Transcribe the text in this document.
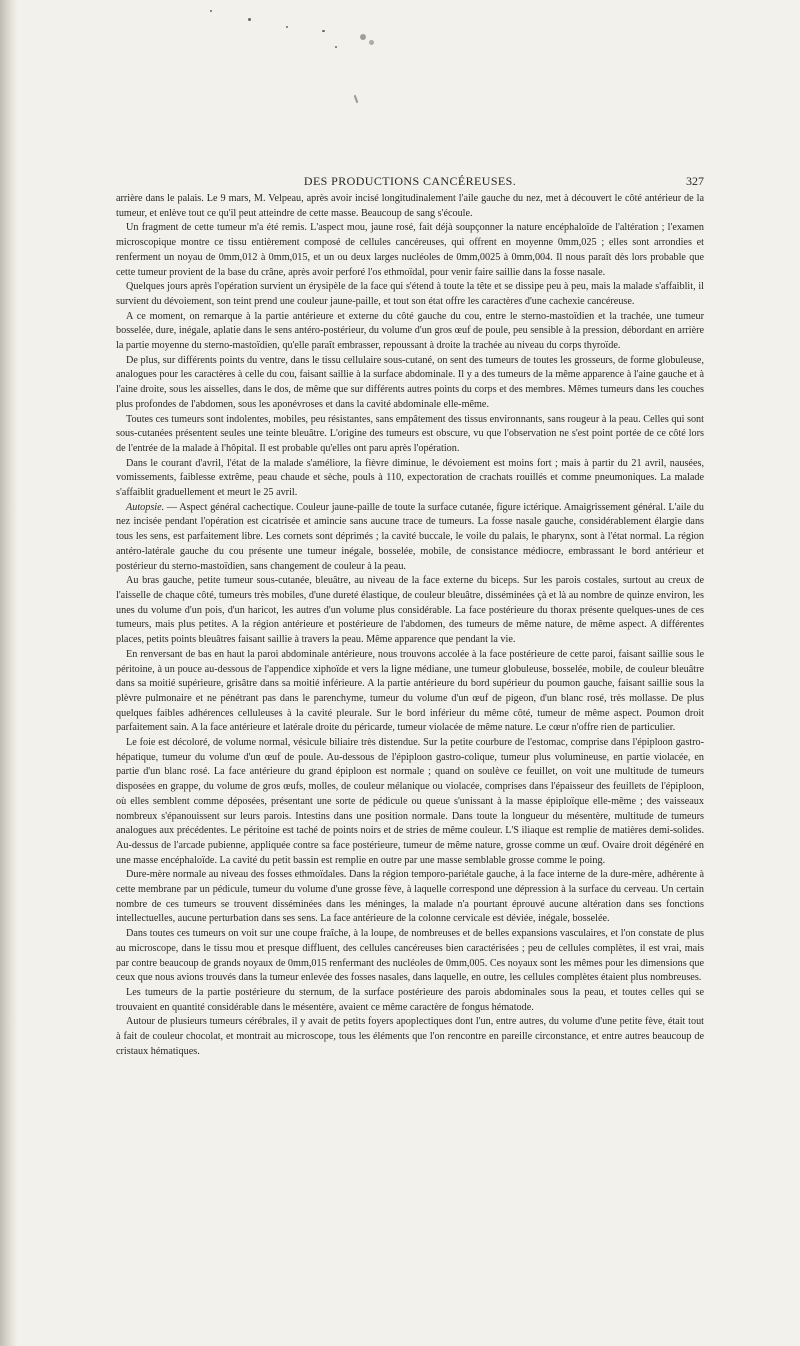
DES PRODUCTIONS CANCÉREUSES.	327

arrière dans le palais. Le 9 mars, M. Velpeau, après avoir incisé longitudinalement l'aile gauche du nez, met à découvert le côté antérieur de la tumeur, et enlève tout ce qu'il peut atteindre de cette masse. Beaucoup de sang s'écoule.

Un fragment de cette tumeur m'a été remis. L'aspect mou, jaune rosé, fait déjà soupçonner la nature encéphaloïde de l'altération ; l'examen microscopique montre ce tissu entièrement composé de cellules cancéreuses, qui offrent en moyenne 0mm,025 ; elles sont arrondies et renferment un noyau de 0mm,012 à 0mm,015, et un ou deux larges nucléoles de 0mm,0025 à 0mm,004. Il nous paraît dès lors probable que cette tumeur provient de la base du crâne, après avoir perforé l'os ethmoïdal, pour venir faire saillie dans la fosse nasale.

Quelques jours après l'opération survient un érysipèle de la face qui s'étend à toute la tête et se dissipe peu à peu, mais la malade s'affaiblit, il survient du dévoiement, son teint prend une couleur jaune-paille, et tout son état offre les caractères d'une cachexie cancéreuse.

A ce moment, on remarque à la partie antérieure et externe du côté gauche du cou, entre le sterno-mastoïdien et la trachée, une tumeur bosselée, dure, inégale, aplatie dans le sens antéro-postérieur, du volume d'un gros œuf de poule, peu sensible à la pression, débordant en arrière la partie moyenne du sterno-mastoïdien, qu'elle paraît embrasser, repoussant à droite la trachée au niveau du corps thyroïde.

De plus, sur différents points du ventre, dans le tissu cellulaire sous-cutané, on sent des tumeurs de toutes les grosseurs, de forme globuleuse, analogues pour les caractères à celle du cou, faisant saillie à la surface abdominale. Il y a des tumeurs de la même apparence à l'aine gauche et à l'aine droite, sous les aisselles, dans le dos, de même que sur différents autres points du corps et des membres. Mêmes tumeurs dans les couches plus profondes de l'abdomen, sous les aponévroses et dans la cavité abdominale elle-même.

Toutes ces tumeurs sont indolentes, mobiles, peu résistantes, sans empâtement des tissus environnants, sans rougeur à la peau. Celles qui sont sous-cutanées présentent seules une teinte bleuâtre. L'origine des tumeurs est obscure, vu que l'observation ne s'est point portée de ce côté lors de l'entrée de la malade à l'hôpital. Il est probable qu'elles ont paru après l'opération.

Dans le courant d'avril, l'état de la malade s'améliore, la fièvre diminue, le dévoiement est moins fort ; mais à partir du 21 avril, nausées, vomissements, faiblesse extrême, peau chaude et sèche, pouls à 110, expectoration de crachats rouillés et comme pneumoniques. La malade s'affaiblit graduellement et meurt le 25 avril.

Autopsie. — Aspect général cachectique. Couleur jaune-paille de toute la surface cutanée, figure ictérique. Amaigrissement général. L'aile du nez incisée pendant l'opération est cicatrisée et amincie sans aucune trace de tumeurs. La fosse nasale gauche, considérablement élargie dans tous les sens, est parfaitement libre. Les cornets sont déprimés ; la cavité buccale, le voile du palais, le pharynx, sont à l'état normal. La région antéro-latérale gauche du cou présente une tumeur inégale, bosselée, mobile, de consistance médiocre, embrassant le bord antérieur et postérieur du sterno-mastoïdien, sans changement de couleur à la peau.

Au bras gauche, petite tumeur sous-cutanée, bleuâtre, au niveau de la face externe du biceps. Sur les parois costales, surtout au creux de l'aisselle de chaque côté, tumeurs très mobiles, d'une dureté élastique, de couleur bleuâtre, disséminées çà et là au nombre de quinze environ, les unes du volume d'un pois, d'un haricot, les autres d'un volume plus considérable. La face postérieure du thorax présente quelques-unes de ces tumeurs, mais plus petites. A la région antérieure et postérieure de l'abdomen, des tumeurs de même nature, de même aspect. A différentes places, petits points bleuâtres faisant saillie à travers la peau. Même apparence que pendant la vie.

En renversant de bas en haut la paroi abdominale antérieure, nous trouvons accolée à la face postérieure de cette paroi, faisant saillie sous le péritoine, à un pouce au-dessous de l'appendice xiphoïde et vers la ligne médiane, une tumeur globuleuse, bosselée, mobile, de couleur bleuâtre dans sa moitié supérieure, grisâtre dans sa moitié inférieure. A la partie antérieure du bord supérieur du poumon gauche, faisant saillie sous la plèvre pulmonaire et ne pénétrant pas dans le parenchyme, tumeur du volume d'un œuf de pigeon, d'un blanc rosé, très mollasse. De plus quelques faibles adhérences celluleuses à la cavité pleurale. Sur le bord inférieur du même côté, tumeur de même aspect. Poumon droit parfaitement sain. A la face antérieure et latérale droite du péricarde, tumeur violacée de même nature. Le cœur n'offre rien de particulier.

Le foie est décoloré, de volume normal, vésicule biliaire très distendue. Sur la petite courbure de l'estomac, comprise dans l'épiploon gastro-hépatique, tumeur du volume d'un œuf de poule. Au-dessous de l'épiploon gastro-colique, tumeur plus volumineuse, en partie violacée, en partie d'un blanc rosé. La face antérieure du grand épiploon est normale ; quand on soulève ce feuillet, on voit une multitude de tumeurs disposées en grappe, du volume de gros œufs, molles, de couleur mélanique ou violacée, comprises dans l'épaisseur des feuillets de l'épiploon, où elles semblent comme déposées, présentant une sorte de pédicule ou queue s'unissant à la masse épiploïque elle-même ; des vaisseaux nombreux s'épanouissent sur leurs parois. Intestins dans une position normale. Dans toute la longueur du mésentère, multitude de tumeurs analogues aux précédentes. Le péritoine est taché de points noirs et de stries de même couleur. L'S iliaque est remplie de matières demi-solides. Au-dessus de l'arcade pubienne, appliquée contre sa face postérieure, tumeur de même nature, grosse comme un œuf. Ovaire droit dégénéré en une masse encéphaloïde. La cavité du petit bassin est remplie en outre par une masse semblable grosse comme le poing.

Dure-mère normale au niveau des fosses ethmoïdales. Dans la région temporo-pariétale gauche, à la face interne de la dure-mère, adhérente à cette membrane par un pédicule, tumeur du volume d'une grosse fève, à laquelle correspond une dépression à la surface du cerveau. Un certain nombre de ces tumeurs se trouvent disséminées dans les méninges, la malade n'a pourtant éprouvé aucune altération dans ses fonctions intellectuelles, aucune perturbation dans ses sens. La face antérieure de la colonne cervicale est déviée, inégale, bosselée.

Dans toutes ces tumeurs on voit sur une coupe fraîche, à la loupe, de nombreuses et de belles expansions vasculaires, et l'on constate de plus au microscope, dans le tissu mou et presque diffluent, des cellules cancéreuses bien caractérisées ; peu de cellules complètes, il est vrai, mais par contre beaucoup de grands noyaux de 0mm,015 renfermant des nucléoles de 0mm,005. Ces noyaux sont les mêmes pour les dimensions que ceux que nous avions trouvés dans la tumeur enlevée des fosses nasales, dans laquelle, en outre, les cellules complètes étaient plus nombreuses.

Les tumeurs de la partie postérieure du sternum, de la surface postérieure des parois abdominales sous la peau, et toutes celles qui se trouvaient en quantité considérable dans le mésentère, avaient ce même caractère de fongus hématode.

Autour de plusieurs tumeurs cérébrales, il y avait de petits foyers apoplectiques dont l'un, entre autres, du volume d'une petite fève, était tout à fait de couleur chocolat, et montrait au microscope, tous les éléments que l'on rencontre en pareille circonstance, et entre autres beaucoup de cristaux hématiques.
